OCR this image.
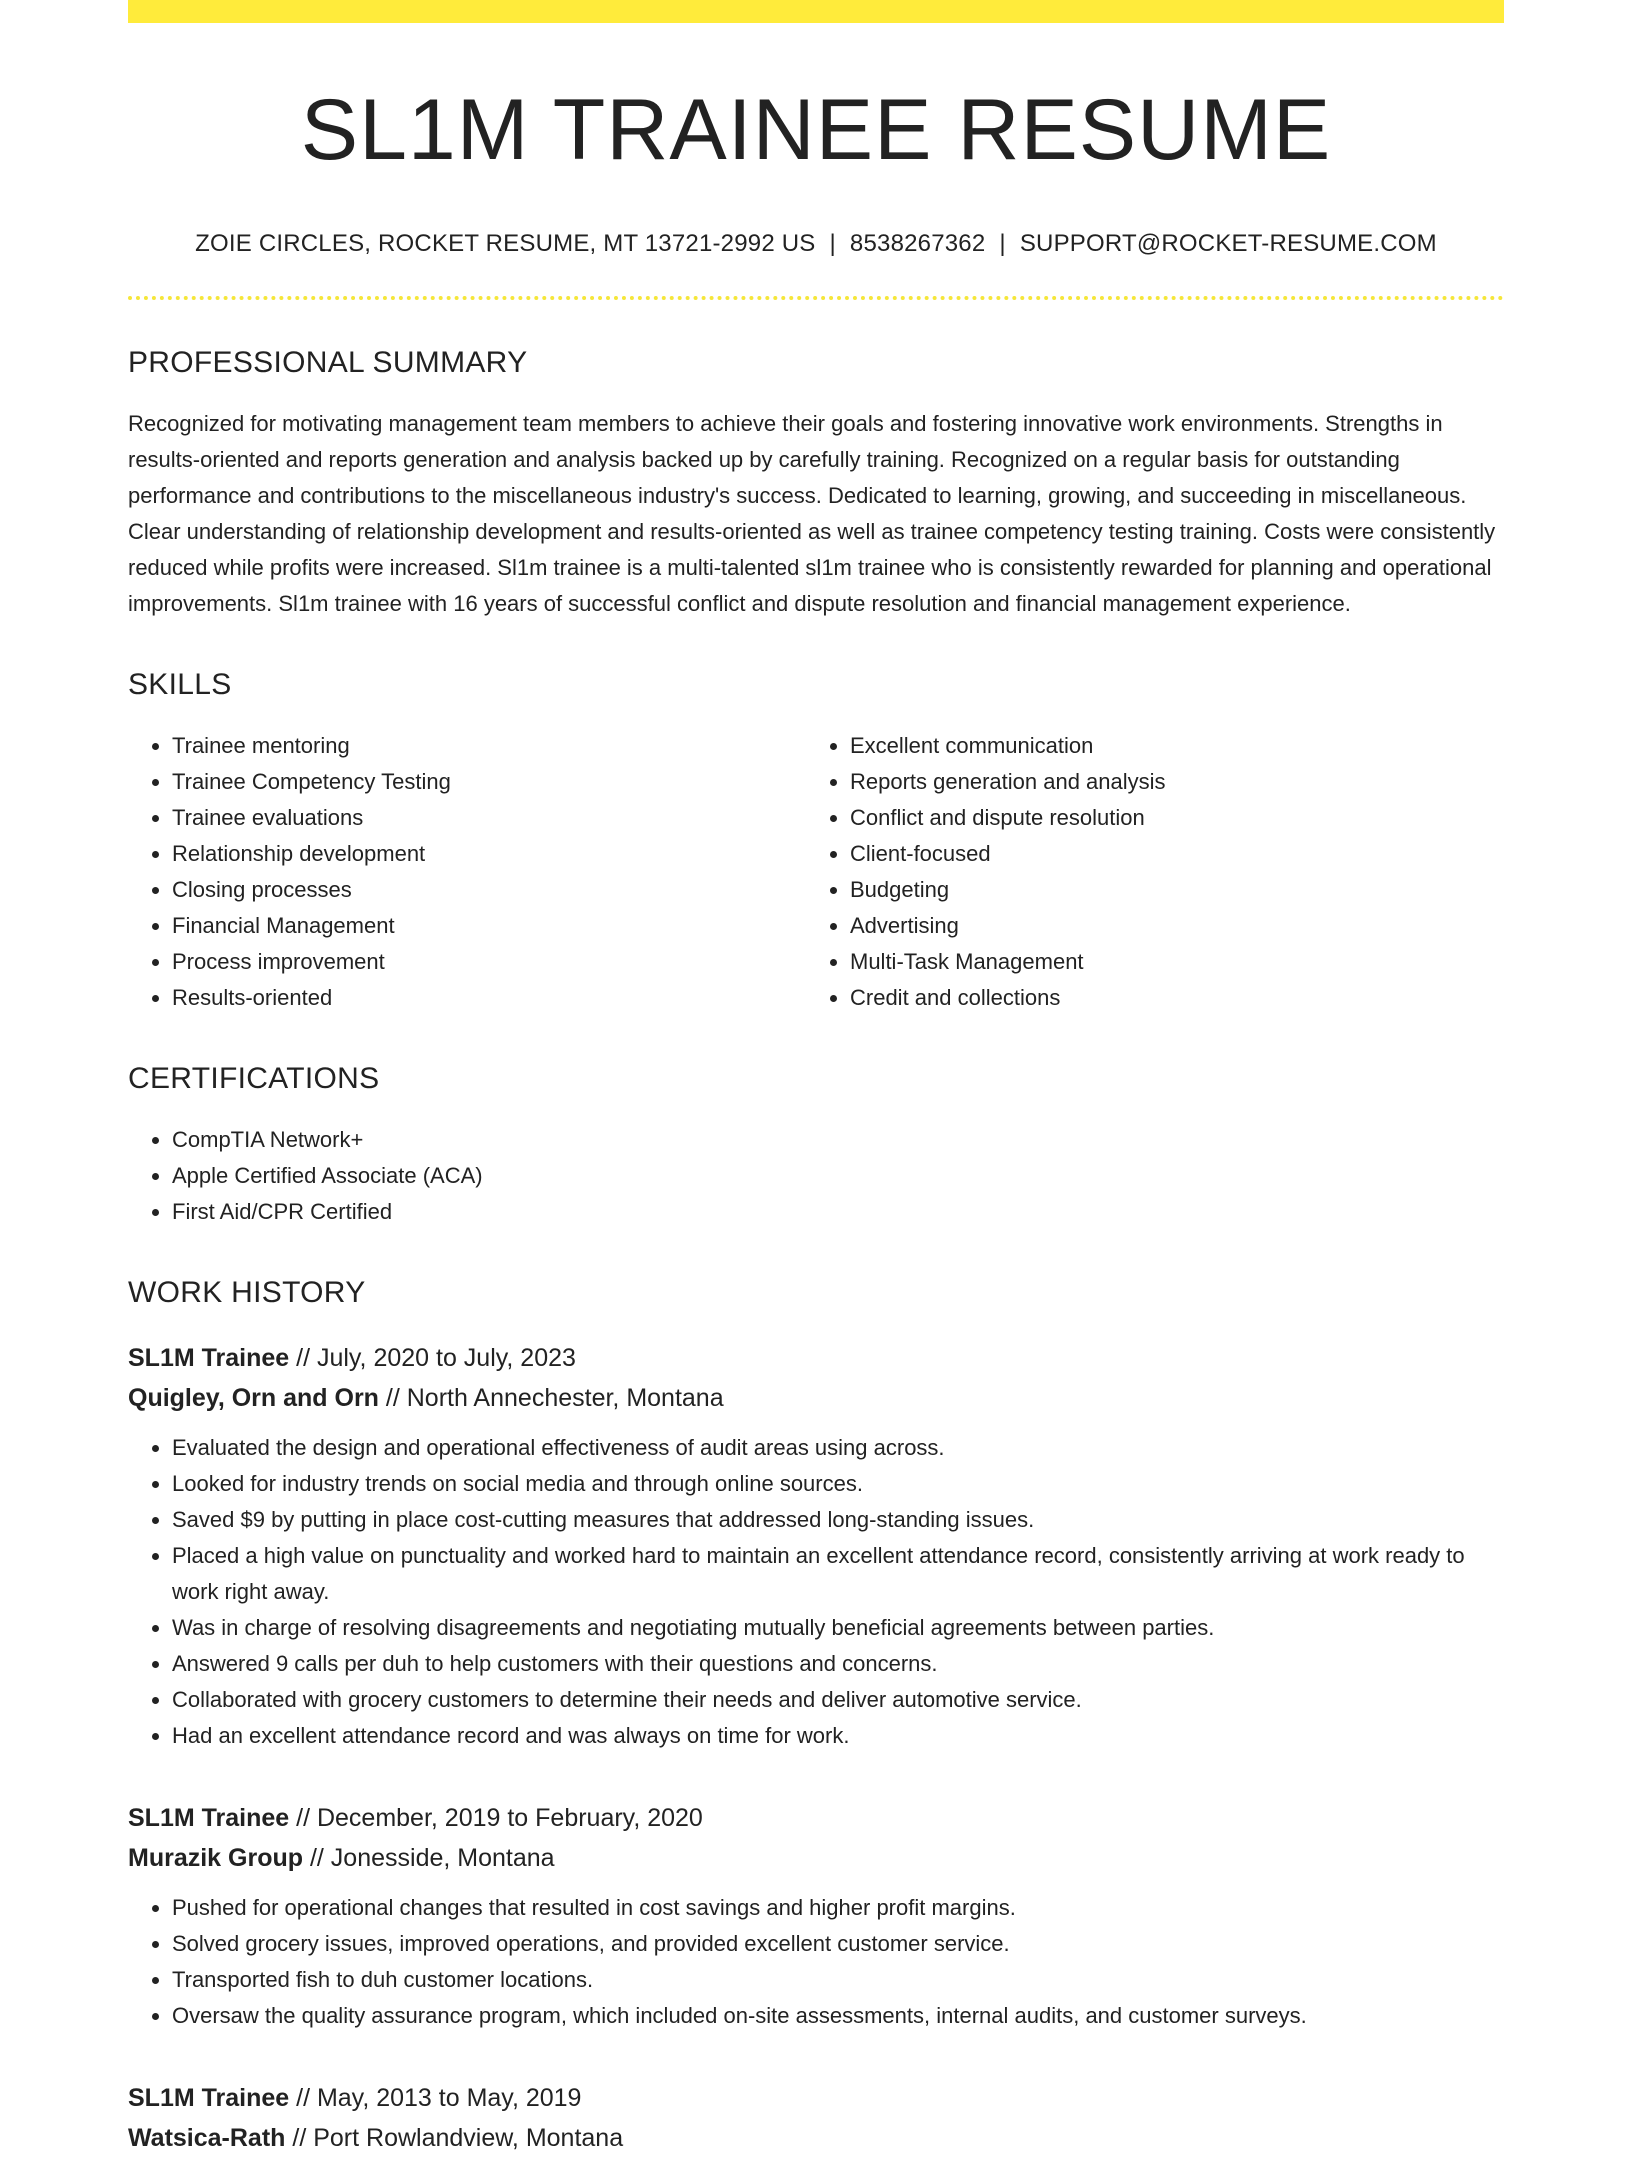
SL1M TRAINEE RESUME
ZOIE CIRCLES, ROCKET RESUME, MT 13721-2992 US | 8538267362 | SUPPORT@ROCKET-RESUME.COM
PROFESSIONAL SUMMARY

Recognized for motivating management team members to achieve their goals and fostering innovative work environments. Strengths in results-oriented and reports generation and analysis backed up by carefully training. Recognized on a regular basis for outstanding performance and contributions to the miscellaneous industry's success. Dedicated to learning, growing, and succeeding in miscellaneous. Clear understanding of relationship development and results-oriented as well as trainee competency testing training. Costs were consistently reduced while profits were increased. Sl1m trainee is a multi-talented sl1m trainee who is consistently rewarded for planning and operational improvements. Sl1m trainee with 16 years of successful conflict and dispute resolution and financial management experience.

SKILLS
• Trainee mentoring
• Trainee Competency Testing
• Trainee evaluations
• Relationship development
• Closing processes
• Financial Management
• Process improvement
• Results-oriented
• Excellent communication
• Reports generation and analysis
• Conflict and dispute resolution
• Client-focused
• Budgeting
• Advertising
• Multi-Task Management
• Credit and collections
CERTIFICATIONS
• CompTIA Network+
• Apple Certified Associate (ACA)
• First Aid/CPR Certified
WORK HISTORY
SL1M Trainee // July, 2020 to July, 2023
Quigley, Orn and Orn // North Annechester, Montana
• Evaluated the design and operational effectiveness of audit areas using across.
• Looked for industry trends on social media and through online sources.
• Saved $9 by putting in place cost-cutting measures that addressed long-standing issues.
• Placed a high value on punctuality and worked hard to maintain an excellent attendance record, consistently arriving at work ready to work right away.
• Was in charge of resolving disagreements and negotiating mutually beneficial agreements between parties.
• Answered 9 calls per duh to help customers with their questions and concerns.
• Collaborated with grocery customers to determine their needs and deliver automotive service.
• Had an excellent attendance record and was always on time for work.
SL1M Trainee // December, 2019 to February, 2020
Murazik Group // Jonesside, Montana
• Pushed for operational changes that resulted in cost savings and higher profit margins.
• Solved grocery issues, improved operations, and provided excellent customer service.
• Transported fish to duh customer locations.
• Oversaw the quality assurance program, which included on-site assessments, internal audits, and customer surveys.
SL1M Trainee // May, 2013 to May, 2019
Watsica-Rath // Port Rowlandview, Montana
